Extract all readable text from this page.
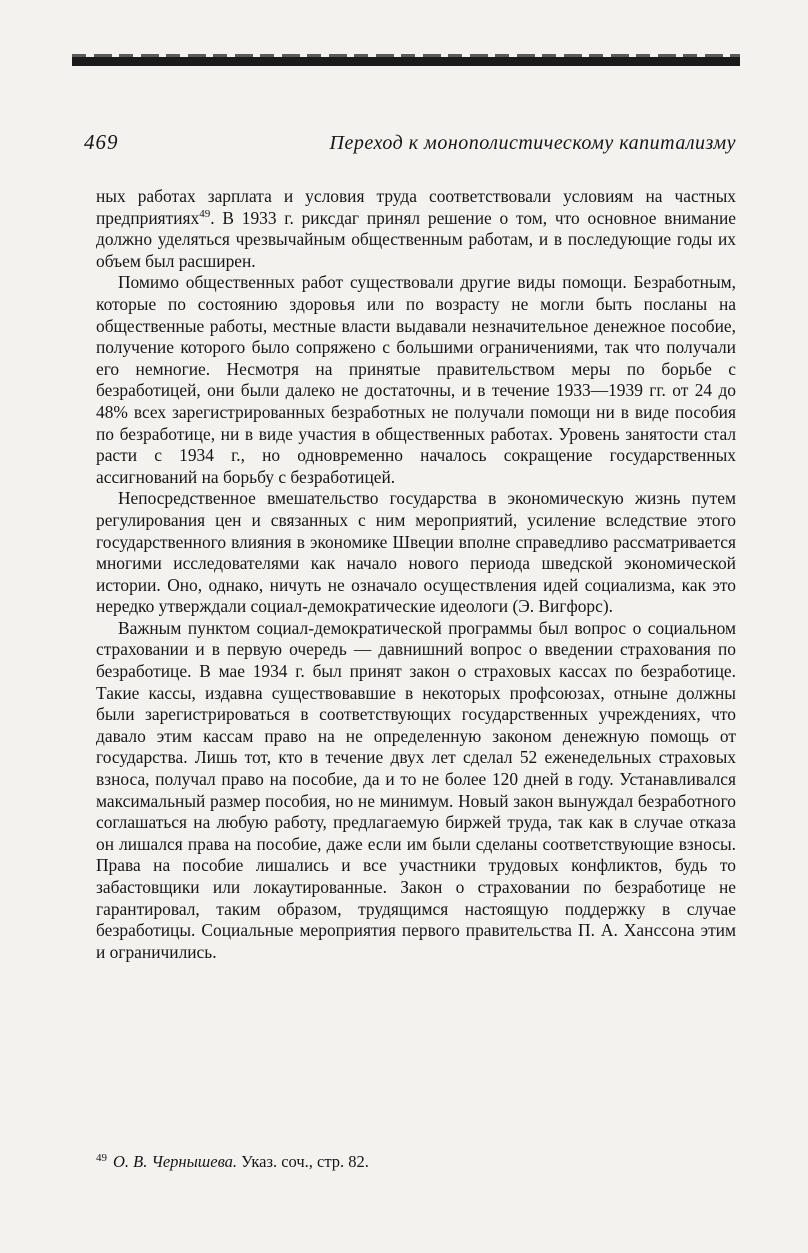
469	Переход к монополистическому капитализму

ных работах зарплата и условия труда соответствовали условиям на частных предприятиях$^{49}$. В 1933 г. риксдаг принял решение о том, что основное внимание должно уделяться чрезвычайным общественным работам, и в последующие годы их объем был расширен.

Помимо общественных работ существовали другие виды помощи. Безработным, которые по состоянию здоровья или по возрасту не могли быть посланы на общественные работы, местные власти выдавали незначительное денежное пособие, получение которого было сопряжено с большими ограничениями, так что получали его немногие. Несмотря на принятые правительством меры по борьбе с безработицей, они были далеко не достаточны, и в течение 1933—1939 гг. от 24 до 48% всех зарегистрированных безработных не получали помощи ни в виде пособия по безработице, ни в виде участия в общественных работах. Уровень занятости стал расти с 1934 г., но одновременно началось сокращение государственных ассигнований на борьбу с безработицей.

Непосредственное вмешательство государства в экономическую жизнь путем регулирования цен и связанных с ним мероприятий, усиление вследствие этого государственного влияния в экономике Швеции вполне справедливо рассматривается многими исследователями как начало нового периода шведской экономической истории. Оно, однако, ничуть не означало осуществления идей социализма, как это нередко утверждали социал-демократические идеологи (Э. Вигфорс).

Важным пунктом социал-демократической программы был вопрос о социальном страховании и в первую очередь — давнишний вопрос о введении страхования по безработице. В мае 1934 г. был принят закон о страховых кассах по безработице. Такие кассы, издавна существовавшие в некоторых профсоюзах, отныне должны были зарегистрироваться в соответствующих государственных учреждениях, что давало этим кассам право на не определенную законом денежную помощь от государства. Лишь тот, кто в течение двух лет сделал 52 еженедельных страховых взноса, получал право на пособие, да и то не более 120 дней в году. Устанавливался максимальный размер пособия, но не минимум. Новый закон вынуждал безработного соглашаться на любую работу, предлагаемую биржей труда, так как в случае отказа он лишался права на пособие, даже если им были сделаны соответствующие взносы. Права на пособие лишались и все участники трудовых конфликтов, будь то забастовщики или локаутированные. Закон о страховании по безработице не гарантировал, таким образом, трудящимся настоящую поддержку в случае безработицы. Социальные мероприятия первого правительства П. А. Ханссона этим и ограничились.

$^{49}$ О. В. Чернышева. Указ. соч., стр. 82.
